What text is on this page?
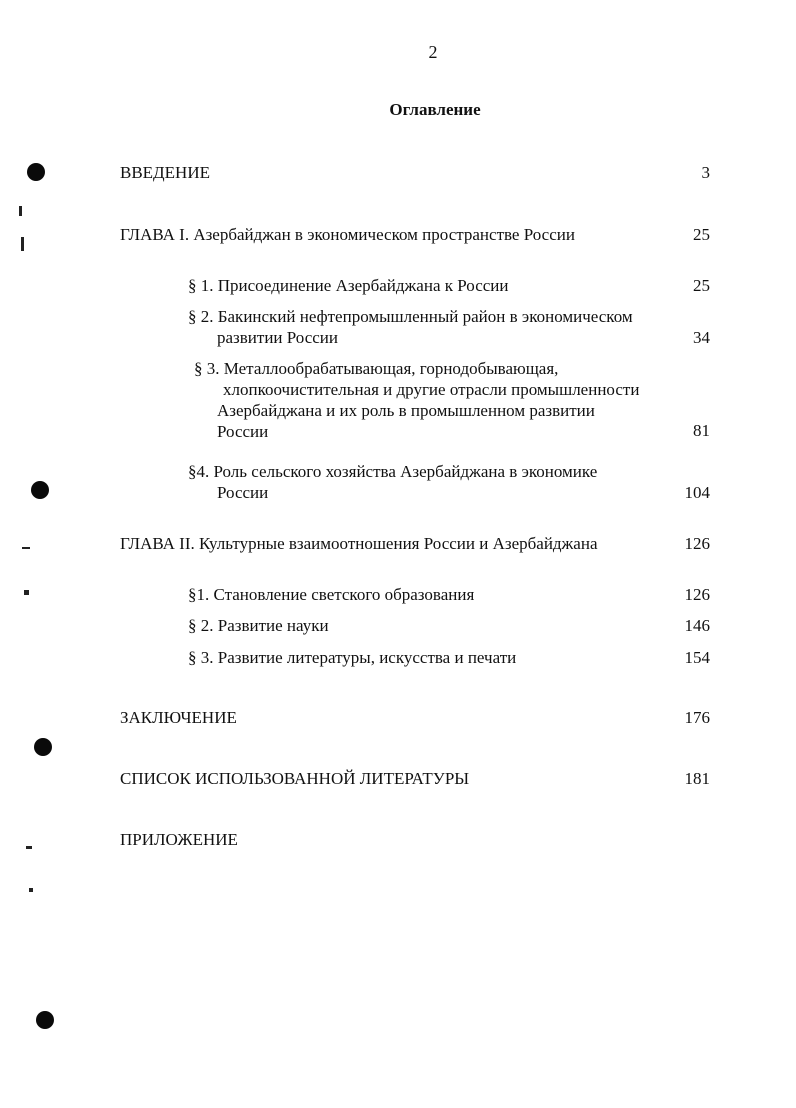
2
Оглавление
ВВЕДЕНИЕ	3
ГЛАВА I. Азербайджан в экономическом пространстве России	25
§ 1. Присоединение Азербайджана к России	25
§ 2. Бакинский нефтепромышленный район в экономическом
развитии России	34
§ 3. Металлообрабатывающая, горнодобывающая,
хлопкоочистительная и другие отрасли промышленности
Азербайджана и их роль в промышленном развитии
России	81
§4. Роль сельского хозяйства Азербайджана в экономике
России	104
ГЛАВА II. Культурные взаимоотношения России и Азербайджана	126
§1. Становление светского образования	126
§ 2. Развитие науки	146
§ 3. Развитие литературы, искусства и печати	154
ЗАКЛЮЧЕНИЕ	176
СПИСОК ИСПОЛЬЗОВАННОЙ ЛИТЕРАТУРЫ	181
ПРИЛОЖЕНИЕ
